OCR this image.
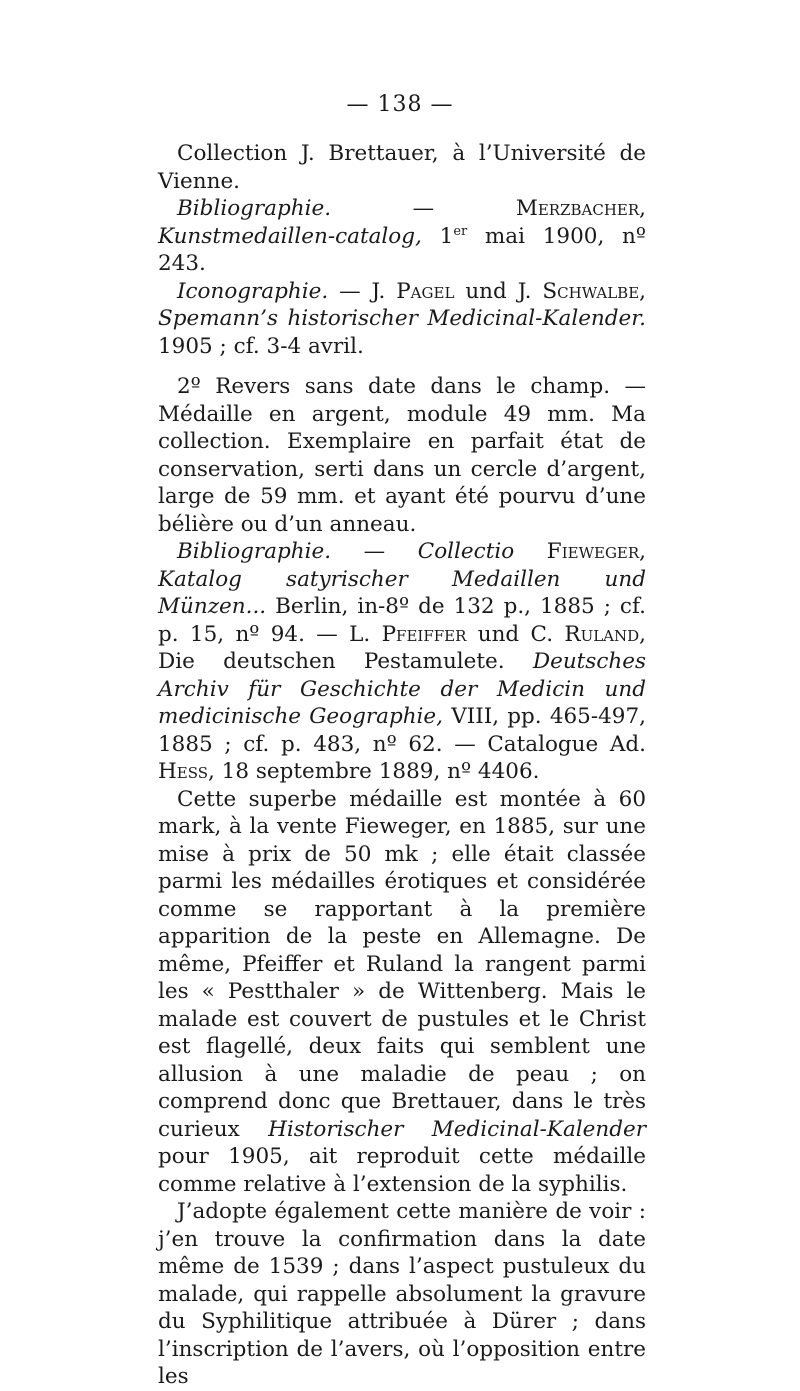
— 138 —

Collection J. Brettauer, à l’Université de Vienne.

Bibliographie. — Merzbacher, Kunstmedaillen-catalog, 1er mai 1900, nº 243.

Iconographie. — J. Pagel und J. Schwalbe, Spemann’s historischer Medicinal-Kalender. 1905 ; cf. 3-4 avril.

2º Revers sans date dans le champ. — Médaille en argent, module 49 mm. Ma collection. Exemplaire en parfait état de conservation, serti dans un cercle d’argent, large de 59 mm. et ayant été pourvu d’une bélière ou d’un anneau.

Bibliographie. — Collectio Fieweger, Katalog satyrischer Medaillen und Münzen... Berlin, in-8º de 132 p., 1885 ; cf. p. 15, nº 94. — L. Pfeiffer und C. Ruland, Die deutschen Pestamulete. Deutsches Archiv für Geschichte der Medicin und medicinische Geographie, VIII, pp. 465-497, 1885 ; cf. p. 483, nº 62. — Catalogue Ad. Hess, 18 septembre 1889, nº 4406.

Cette superbe médaille est montée à 60 mark, à la vente Fieweger, en 1885, sur une mise à prix de 50 mk ; elle était classée parmi les médailles érotiques et considérée comme se rapportant à la première apparition de la peste en Allemagne. De même, Pfeiffer et Ruland la rangent parmi les « Pestthaler » de Wittenberg. Mais le malade est couvert de pustules et le Christ est flagellé, deux faits qui semblent une allusion à une maladie de peau ; on comprend donc que Brettauer, dans le très curieux Historischer Medicinal-Kalender pour 1905, ait reproduit cette médaille comme relative à l’extension de la syphilis.

J’adopte également cette manière de voir : j’en trouve la confirmation dans la date même de 1539 ; dans l’aspect pustuleux du malade, qui rappelle absolument la gravure du Syphilitique attribuée à Dürer ; dans l’inscription de l’avers, où l’opposition entre les
